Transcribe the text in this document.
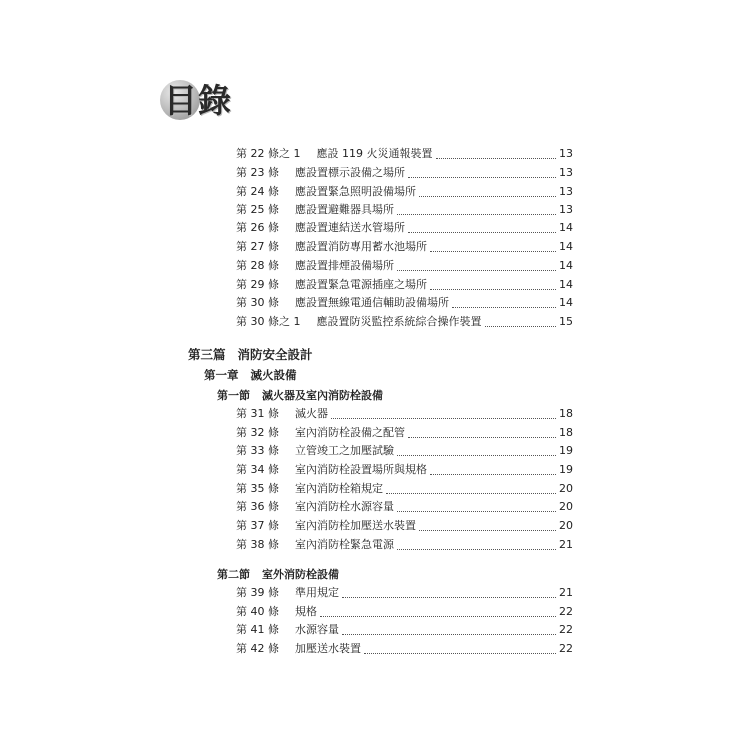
目錄
第 22 條之 1 應設 119 火災通報裝置	13
第 23 條 應設置標示設備之場所	13
第 24 條 應設置緊急照明設備場所	13
第 25 條 應設置避難器具場所	13
第 26 條 應設置連結送水管場所	14
第 27 條 應設置消防專用蓄水池場所	14
第 28 條 應設置排煙設備場所	14
第 29 條 應設置緊急電源插座之場所	14
第 30 條 應設置無線電通信輔助設備場所	14
第 30 條之 1 應設置防災監控系統綜合操作裝置	15
第三篇 消防安全設計
第一章 滅火設備
第一節 滅火器及室內消防栓設備
第 31 條 滅火器	18
第 32 條 室內消防栓設備之配管	18
第 33 條 立管竣工之加壓試驗	19
第 34 條 室內消防栓設置場所與規格	19
第 35 條 室內消防栓箱規定	20
第 36 條 室內消防栓水源容量	20
第 37 條 室內消防栓加壓送水裝置	20
第 38 條 室內消防栓緊急電源	21
第二節 室外消防栓設備
第 39 條 準用規定	21
第 40 條 規格	22
第 41 條 水源容量	22
第 42 條 加壓送水裝置	22
